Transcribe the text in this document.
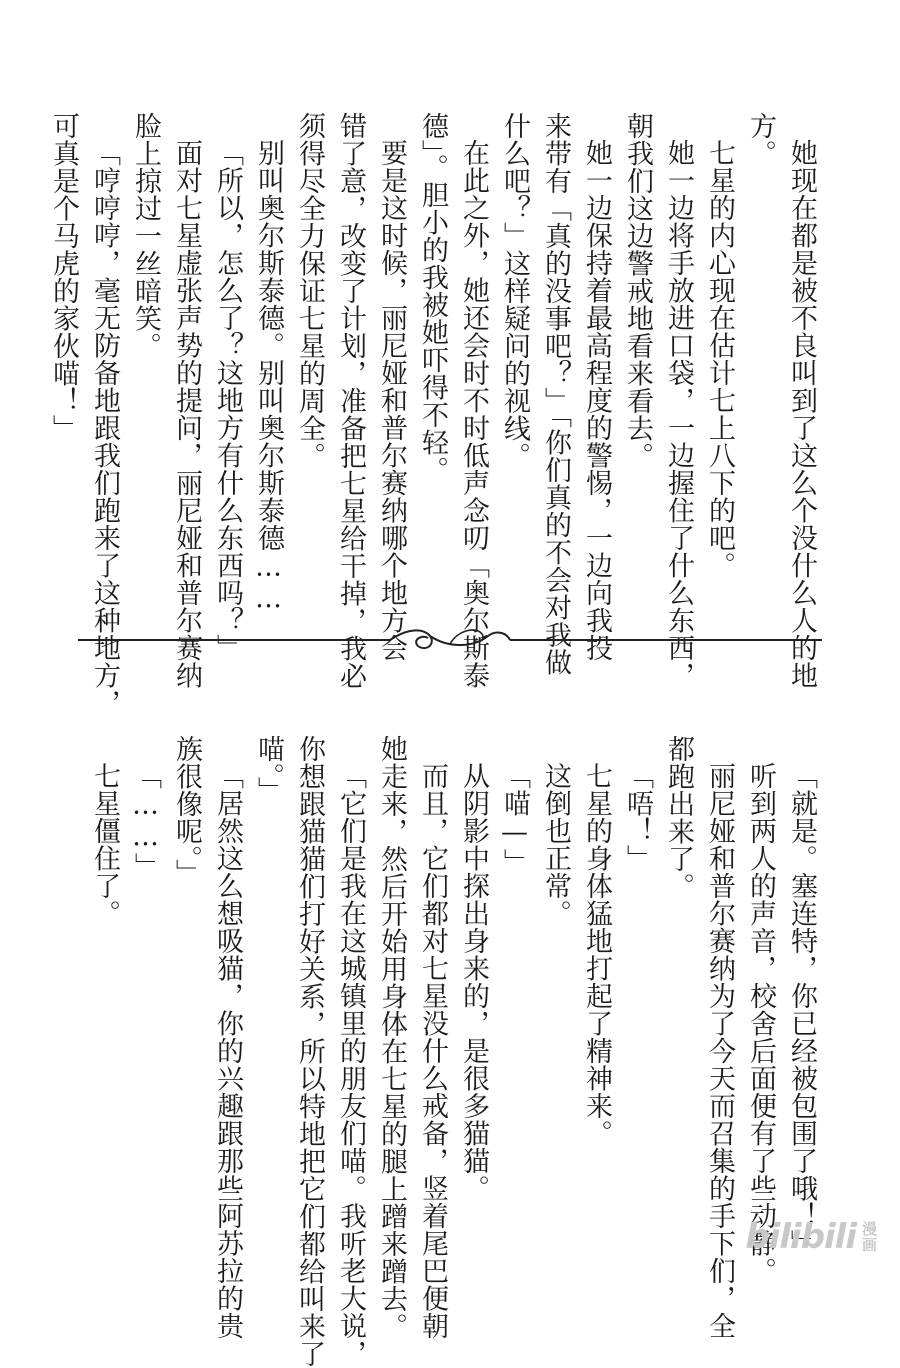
她现在都是被不良叫到了这么个没什么人的地
方。
七星的内心现在估计七上八下的吧。
她一边将手放进口袋，一边握住了什么东西，
朝我们这边警戒地看来看去。
她一边保持着最高程度的警惕，一边向我投
来带有「真的没事吧？」「你们真的不会对我做
什么吧？」这样疑问的视线。
在此之外，她还会时不时低声念叨「奥尔斯泰
德」。胆小的我被她吓得不轻。
要是这时候，丽尼娅和普尔赛纳哪个地方会
错了意，改变了计划，准备把七星给干掉，我必
须得尽全力保证七星的周全。
别叫奥尔斯泰德。别叫奥尔斯泰德……
「所以，怎么了？这地方有什么东西吗？」
面对七星虚张声势的提问，丽尼娅和普尔赛纳
脸上掠过一丝暗笑。
「哼哼哼，毫无防备地跟我们跑来了这种地方，
可真是个马虎的家伙喵！」
「就是。塞连特，你已经被包围了哦！」
听到两人的声音，校舍后面便有了些动静。
丽尼娅和普尔赛纳为了今天而召集的手下们，全
都跑出来了。
「唔！」
七星的身体猛地打起了精神来。
这倒也正常。
「喵—」
从阴影中探出身来的，是很多猫猫。
而且，它们都对七星没什么戒备，竖着尾巴便朝
她走来，然后开始用身体在七星的腿上蹭来蹭去。
「它们是我在这城镇里的朋友们喵。我听老大说，
你想跟猫猫们打好关系，所以特地把它们都给叫来了
喵。」
「居然这么想吸猫，你的兴趣跟那些阿苏拉的贵
族很像呢。」
「……」
七星僵住了。
bilibili 漫画
